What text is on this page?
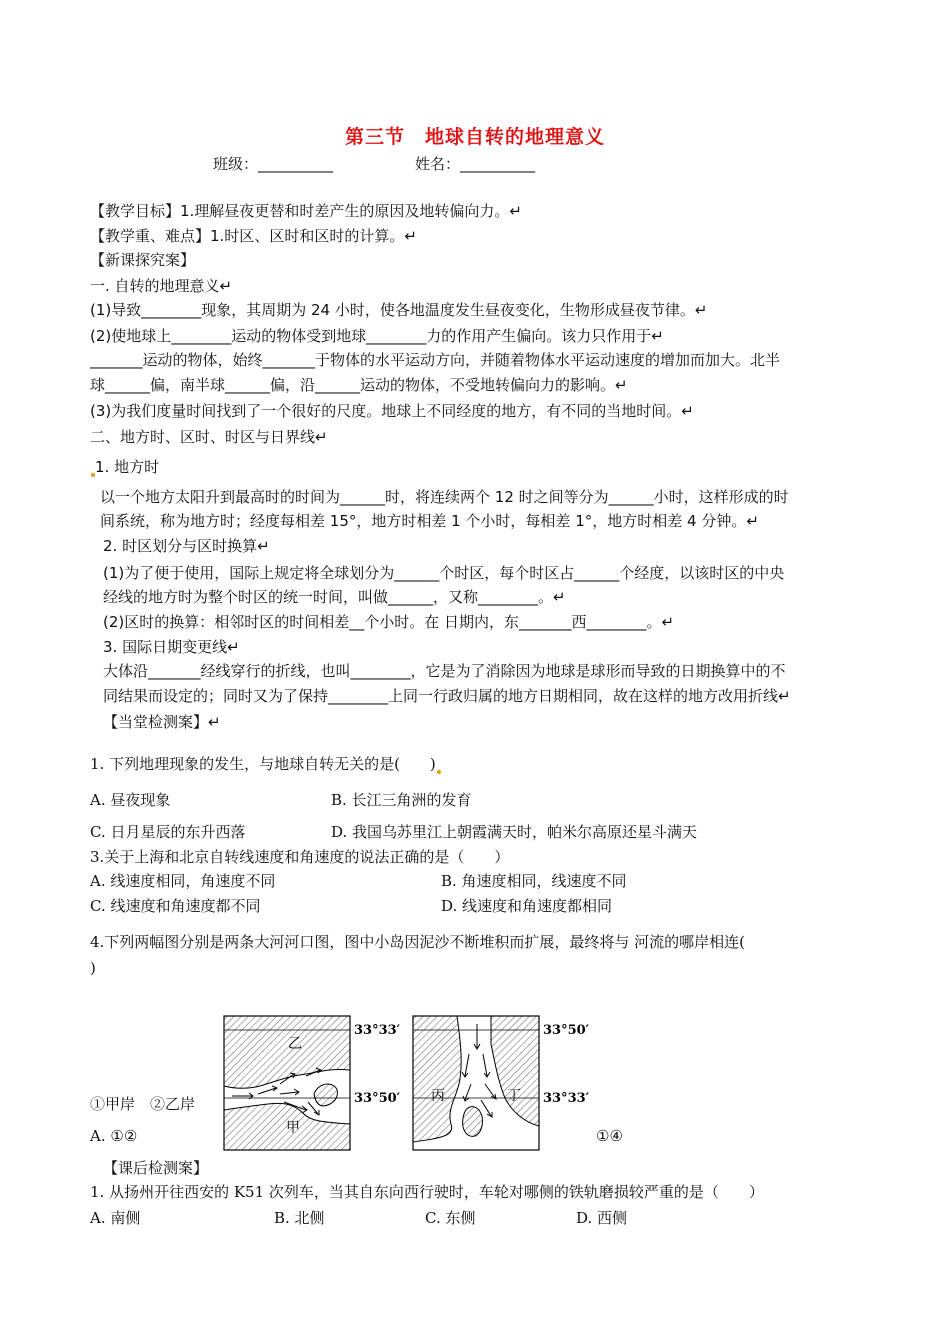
第三节　地球自转的地理意义
班级：__________	姓名：__________
【教学目标】1.理解昼夜更替和时差产生的原因及地转偏向力。↵
【教学重、难点】1.时区、区时和区时的计算。↵
【新课探究案】
一. 自转的地理意义↵
(1)导致________现象，其周期为 24 小时，使各地温度发生昼夜变化，生物形成昼夜节律。↵
(2)使地球上________运动的物体受到地球________力的作用产生偏向。该力只作用于↵
_______运动的物体，始终_______于物体的水平运动方向，并随着物体水平运动速度的增加而加大。北半
球______偏，南半球______偏，沿______运动的物体，不受地转偏向力的影响。↵
(3)为我们度量时间找到了一个很好的尺度。地球上不同经度的地方，有不同的当地时间。↵
二、地方时、区时、时区与日界线↵
1. 地方时
以一个地方太阳升到最高时的时间为______时，将连续两个 12 时之间等分为______小时，这样形成的时
间系统，称为地方时；经度每相差 15°，地方时相差 1 个小时，每相差 1°，地方时相差 4 分钟。↵
2. 时区划分与区时换算↵
(1)为了便于使用，国际上规定将全球划分为______个时区，每个时区占______个经度，以该时区的中央
经线的地方时为整个时区的统一时间，叫做______，又称________。↵
(2)区时的换算：相邻时区的时间相差__个小时。在 日期内，东_______西________。↵
3. 国际日期变更线↵
大体沿_______经线穿行的折线，也叫________，它是为了消除因为地球是球形而导致的日期换算中的不
同结果而设定的；同时又为了保持________上同一行政归属的地方日期相同，故在这样的地方改用折线↵
【当堂检测案】↵
1. 下列地理现象的发生，与地球自转无关的是(　　)
A. 昼夜现象	B. 长江三角洲的发育
C. 日月星辰的东升西落	D. 我国乌苏里江上朝霞满天时，帕米尔高原还星斗满天
3.关于上海和北京自转线速度和角速度的说法正确的是（　　）
A. 线速度相同，角速度不同	B. 角速度相同，线速度不同
C. 线速度和角速度都不同	D. 线速度和角速度都相同
4.下列两幅图分别是两条大河河口图，图中小岛因泥沙不断堆积而扩展，最终将与 河流的哪岸相连(
)
乙
甲
33°33′
33°50′ 丙	丁
33°50′
33°33′
①甲岸　②乙岸
A. ①②	①④
【课后检测案】
1. 从扬州开往西安的 K51 次列车，当其自东向西行驶时，车轮对哪侧的铁轨磨损较严重的是（　　）
A. 南侧	B. 北侧	C. 东侧	D. 西侧
